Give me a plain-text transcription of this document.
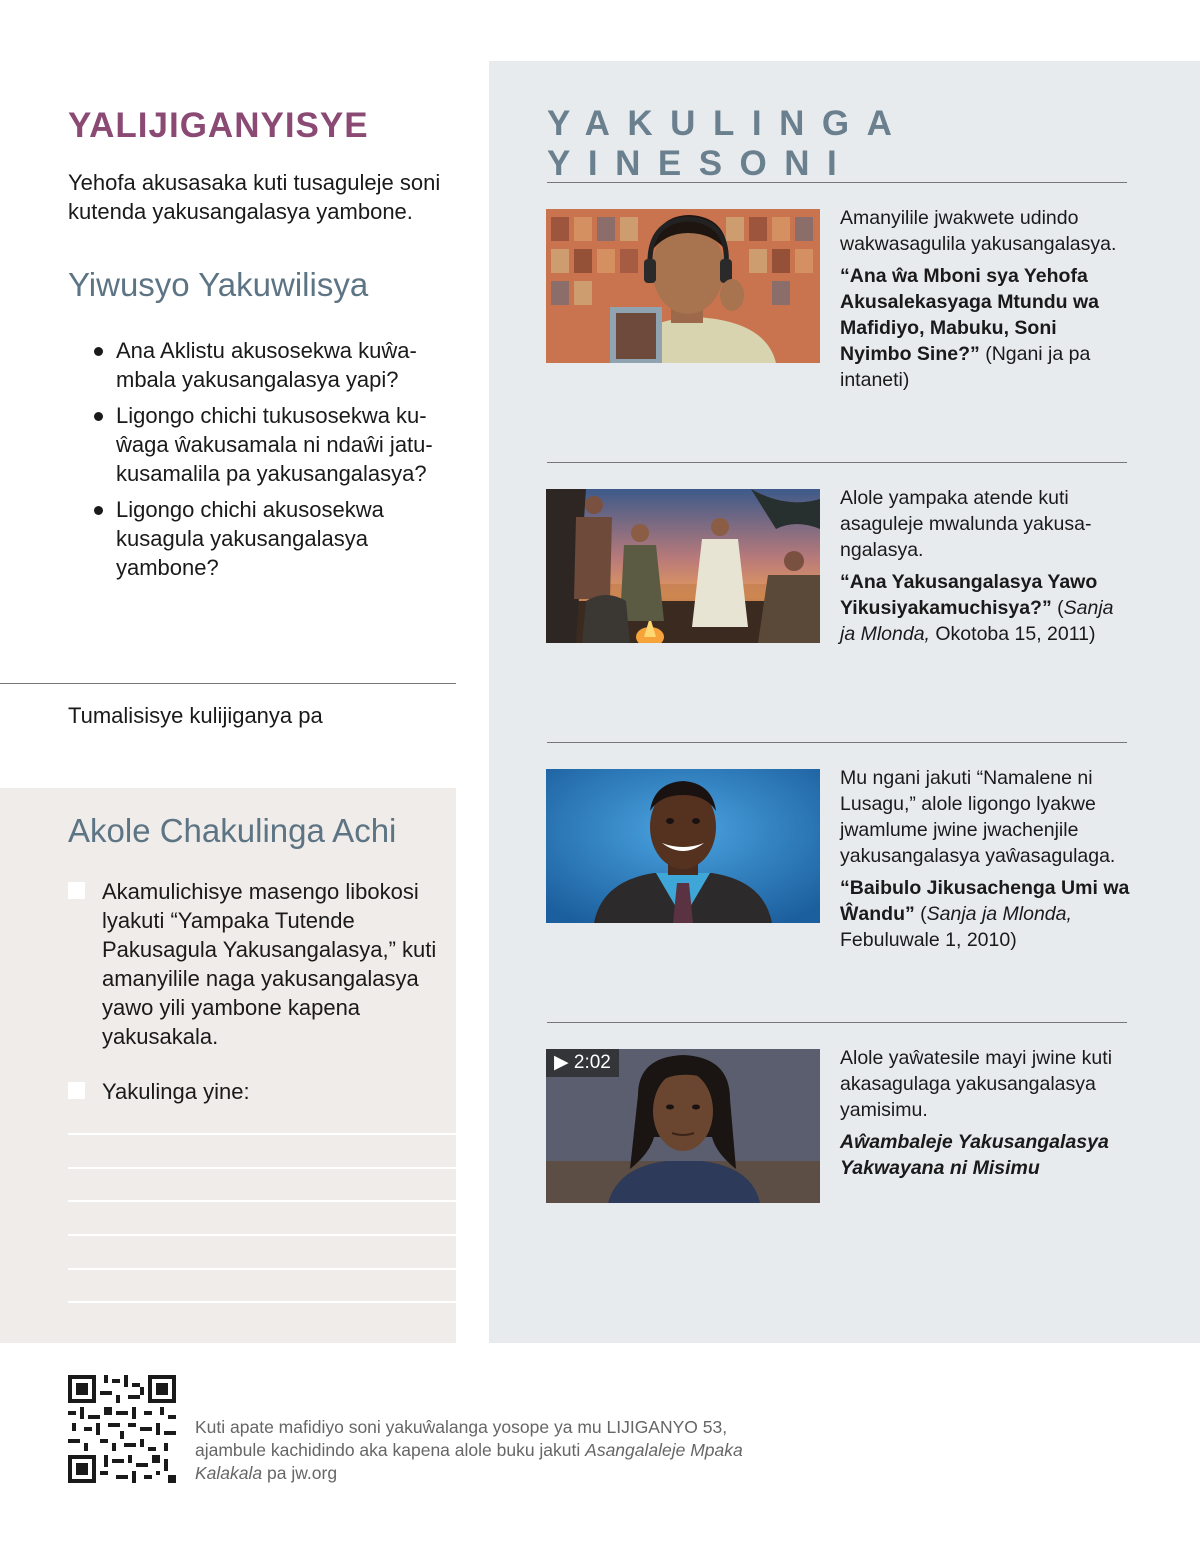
YALIJIGANYISYE

Yehofa akusasaka kuti tusaguleje soni kutenda yakusangalasya yambone.

Yiwusyo Yakuwilisya
Ana Aklistu akusosekwa kuŵambala yakusangalasya yapi?
Ligongo chichi tukusosekwa kuŵaga ŵakusamala ni ndaŵi jatukusamalila pa yakusangalasya?
Ligongo chichi akusosekwa kusagula yakusangalasya yambone?

Tumalisisye kulijiganya pa

Akole Chakulinga Achi
Akamulichisye masengo libokosi lyakuti “Yampaka Tutende Pakusagula Yakusangalasya,” kuti amanyilile naga yakusangalasya yawo yili yambone kapena yakusakala.
Yakulinga yine:
YAKULINGA YINESONI

Amanyilile jwakwete udindo wakwasagulila yakusangalasya.

“Ana ŵa Mboni sya Yehofa Akusalekasyaga Mtundu wa Mafidiyo, Mabuku, Soni Nyimbo Sine?” (Ngani ja pa intaneti)

Alole yampaka atende kuti asaguleje mwalunda yakusangalasya.

“Ana Yakusangalasya Yawo Yikusiyakamuchisya?” (Sanja ja Mlonda, Okotoba 15, 2011)

Mu ngani jakuti “Namalene ni Lusagu,” alole ligongo lyakwe jwamlume jwine jwachenjile yakusangalasya yaŵasagulaga.

“Baibulo Jikusachenga Umi wa Ŵandu” (Sanja ja Mlonda, Febuluwale 1, 2010)

▶ 2:02	Alole yaŵatesile mayi jwine kuti akasagulaga yakusangalasya yamisimu.

Aŵambaleje Yakusangalasya Yakwayana ni Misimu

Kuti apate mafidiyo soni yakuŵalanga yosope ya mu LIJIGANYO 53, ajambule kachidindo aka kapena alole buku jakuti Asangalaleje Mpaka Kalakala pa jw.org
